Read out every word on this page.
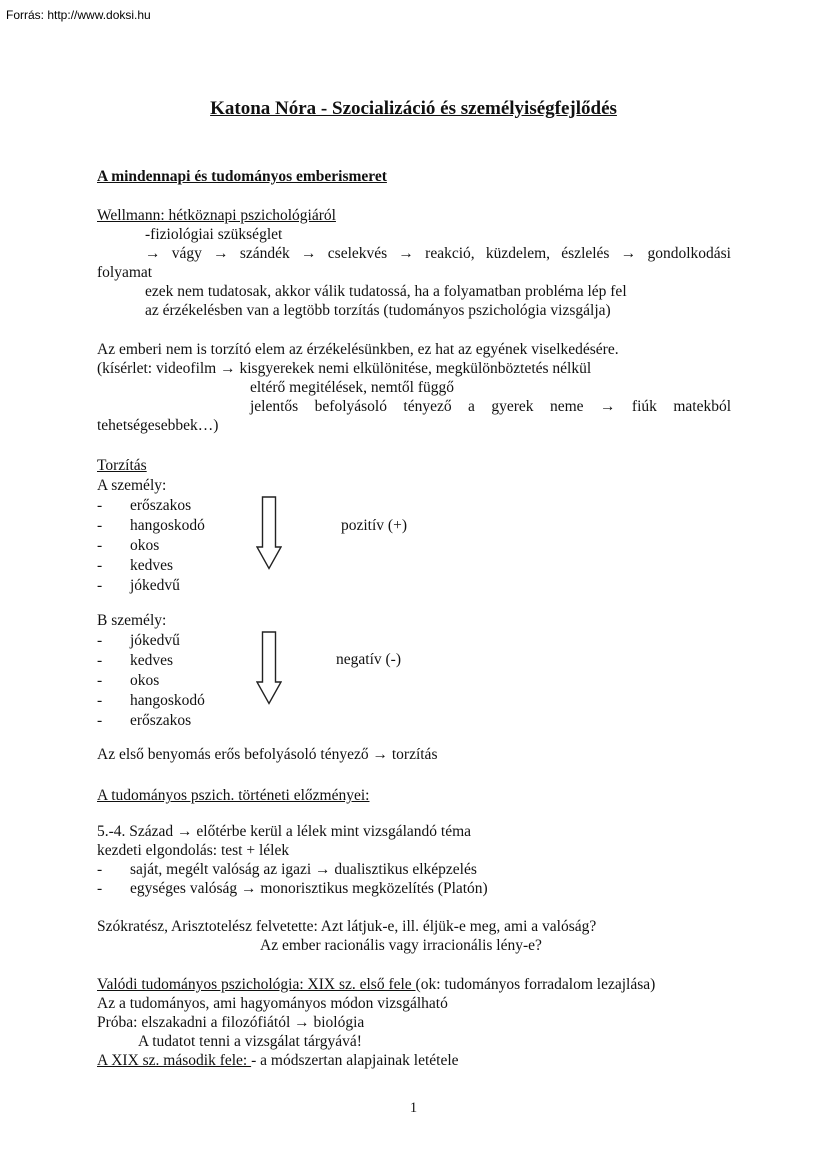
Forrás: http://www.doksi.hu
Katona Nóra - Szocializáció és személyiségfejlődés
A mindennapi és tudományos emberismeret
Wellmann: hétköznapi pszichológiáról
-fiziológiai szükséglet
→ vágy → szándék → cselekvés → reakció, küzdelem, észlelés → gondolkodási
folyamat
ezek nem tudatosak, akkor válik tudatossá, ha a folyamatban probléma lép fel
az érzékelésben van a legtöbb torzítás (tudományos pszichológia vizsgálja)
Az emberi nem is torzító elem az érzékelésünkben, ez hat az egyének viselkedésére.
(kísérlet: videofilm → kisgyerekek nemi elkülönitése, megkülönböztetés nélkül
eltérő megitélések, nemtől függő
jelentős befolyásoló tényező a gyerek neme → fiúk matekból
tehetségesebbek…)
Torzítás
A személy:
-	erőszakos
-	hangoskodó
-	okos
-	kedves
-	jókedvű
pozitív (+)
B személy:
-	jókedvű
-	kedves
-	okos
-	hangoskodó
-	erőszakos
negatív (-)
Az első benyomás erős befolyásoló tényező → torzítás
A tudományos pszich. történeti előzményei:
5.-4. Század → előtérbe kerül a lélek mint vizsgálandó téma
kezdeti elgondolás: test + lélek
-	saját, megélt valóság az igazi → dualisztikus elképzelés
-	egységes valóság → monorisztikus megközelítés (Platón)
Szókratész, Arisztotelész felvetette: Azt látjuk-e, ill. éljük-e meg, ami a valóság?
Az ember racionális vagy irracionális lény-e?
Valódi tudományos pszichológia: XIX sz. első fele (ok: tudományos forradalom lezajlása)
Az a tudományos, ami hagyományos módon vizsgálható
Próba: elszakadni a filozófiától → biológia
A tudatot tenni a vizsgálat tárgyává!
A XIX sz. második fele: - a módszertan alapjainak letétele
1
